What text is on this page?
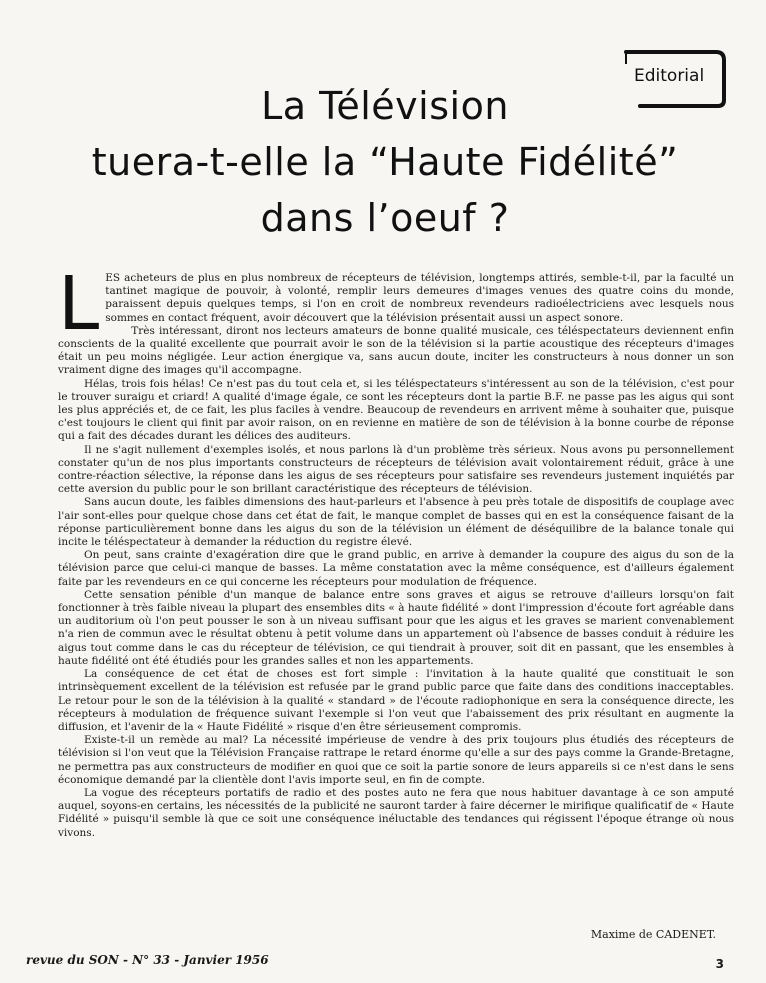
Editorial
La Télévision
tuera-t-elle la “Haute Fidélité”
dans l’oeuf ?

LES acheteurs de plus en plus nombreux de récepteurs de télévision, longtemps attirés, semble-t-il, par la faculté un tantinet magique de pouvoir, à volonté, remplir leurs demeures d'images venues des quatre coins du monde, paraissent depuis quelques temps, si l'on en croit de nombreux revendeurs radioélectriciens avec lesquels nous sommes en contact fréquent, avoir découvert que la télévision présentait aussi un aspect sonore.

Très intéressant, diront nos lecteurs amateurs de bonne qualité musicale, ces téléspectateurs deviennent enfin conscients de la qualité excellente que pourrait avoir le son de la télévision si la partie acoustique des récepteurs d'images était un peu moins négligée. Leur action énergique va, sans aucun doute, inciter les constructeurs à nous donner un son vraiment digne des images qu'il accompagne.

Hélas, trois fois hélas! Ce n'est pas du tout cela et, si les téléspectateurs s'intéressent au son de la télévision, c'est pour le trouver suraigu et criard! A qualité d'image égale, ce sont les récepteurs dont la partie B.F. ne passe pas les aigus qui sont les plus appréciés et, de ce fait, les plus faciles à vendre. Beaucoup de revendeurs en arrivent même à souhaiter que, puisque c'est toujours le client qui finit par avoir raison, on en revienne en matière de son de télévision à la bonne courbe de réponse qui a fait des décades durant les délices des auditeurs.

Il ne s'agit nullement d'exemples isolés, et nous parlons là d'un problème très sérieux. Nous avons pu personnellement constater qu'un de nos plus importants constructeurs de récepteurs de télévision avait volontairement réduit, grâce à une contre-réaction sélective, la réponse dans les aigus de ses récepteurs pour satisfaire ses revendeurs justement inquiétés par cette aversion du public pour le son brillant caractéristique des récepteurs de télévision.

Sans aucun doute, les faibles dimensions des haut-parleurs et l'absence à peu près totale de dispositifs de couplage avec l'air sont-elles pour quelque chose dans cet état de fait, le manque complet de basses qui en est la conséquence faisant de la réponse particulièrement bonne dans les aigus du son de la télévision un élément de déséquilibre de la balance tonale qui incite le téléspectateur à demander la réduction du registre élevé.

On peut, sans crainte d'exagération dire que le grand public, en arrive à demander la coupure des aigus du son de la télévision parce que celui-ci manque de basses. La même constatation avec la même conséquence, est d'ailleurs également faite par les revendeurs en ce qui concerne les récepteurs pour modulation de fréquence.

Cette sensation pénible d'un manque de balance entre sons graves et aigus se retrouve d'ailleurs lorsqu'on fait fonctionner à très faible niveau la plupart des ensembles dits « à haute fidélité » dont l'impression d'écoute fort agréable dans un auditorium où l'on peut pousser le son à un niveau suffisant pour que les aigus et les graves se marient convenablement n'a rien de commun avec le résultat obtenu à petit volume dans un appartement où l'absence de basses conduit à réduire les aigus tout comme dans le cas du récepteur de télévision, ce qui tiendrait à prouver, soit dit en passant, que les ensembles à haute fidélité ont été étudiés pour les grandes salles et non les appartements.

La conséquence de cet état de choses est fort simple : l'invitation à la haute qualité que constituait le son intrinsèquement excellent de la télévision est refusée par le grand public parce que faite dans des conditions inacceptables. Le retour pour le son de la télévision à la qualité « standard » de l'écoute radiophonique en sera la conséquence directe, les récepteurs à modulation de fréquence suivant l'exemple si l'on veut que l'abaissement des prix résultant en augmente la diffusion, et l'avenir de la « Haute Fidélité » risque d'en être sérieusement compromis.

Existe-t-il un remède au mal? La nécessité impérieuse de vendre à des prix toujours plus étudiés des récepteurs de télévision si l'on veut que la Télévision Française rattrape le retard énorme qu'elle a sur des pays comme la Grande-Bretagne, ne permettra pas aux constructeurs de modifier en quoi que ce soit la partie sonore de leurs appareils si ce n'est dans le sens économique demandé par la clientèle dont l'avis importe seul, en fin de compte.

La vogue des récepteurs portatifs de radio et des postes auto ne fera que nous habituer davantage à ce son amputé auquel, soyons-en certains, les nécessités de la publicité ne sauront tarder à faire décerner le mirifique qualificatif de « Haute Fidélité » puisqu'il semble là que ce soit une conséquence inéluctable des tendances qui régissent l'époque étrange où nous vivons.

Maxime de CADENET.
revue du SON - N° 33 - Janvier 1956	3
